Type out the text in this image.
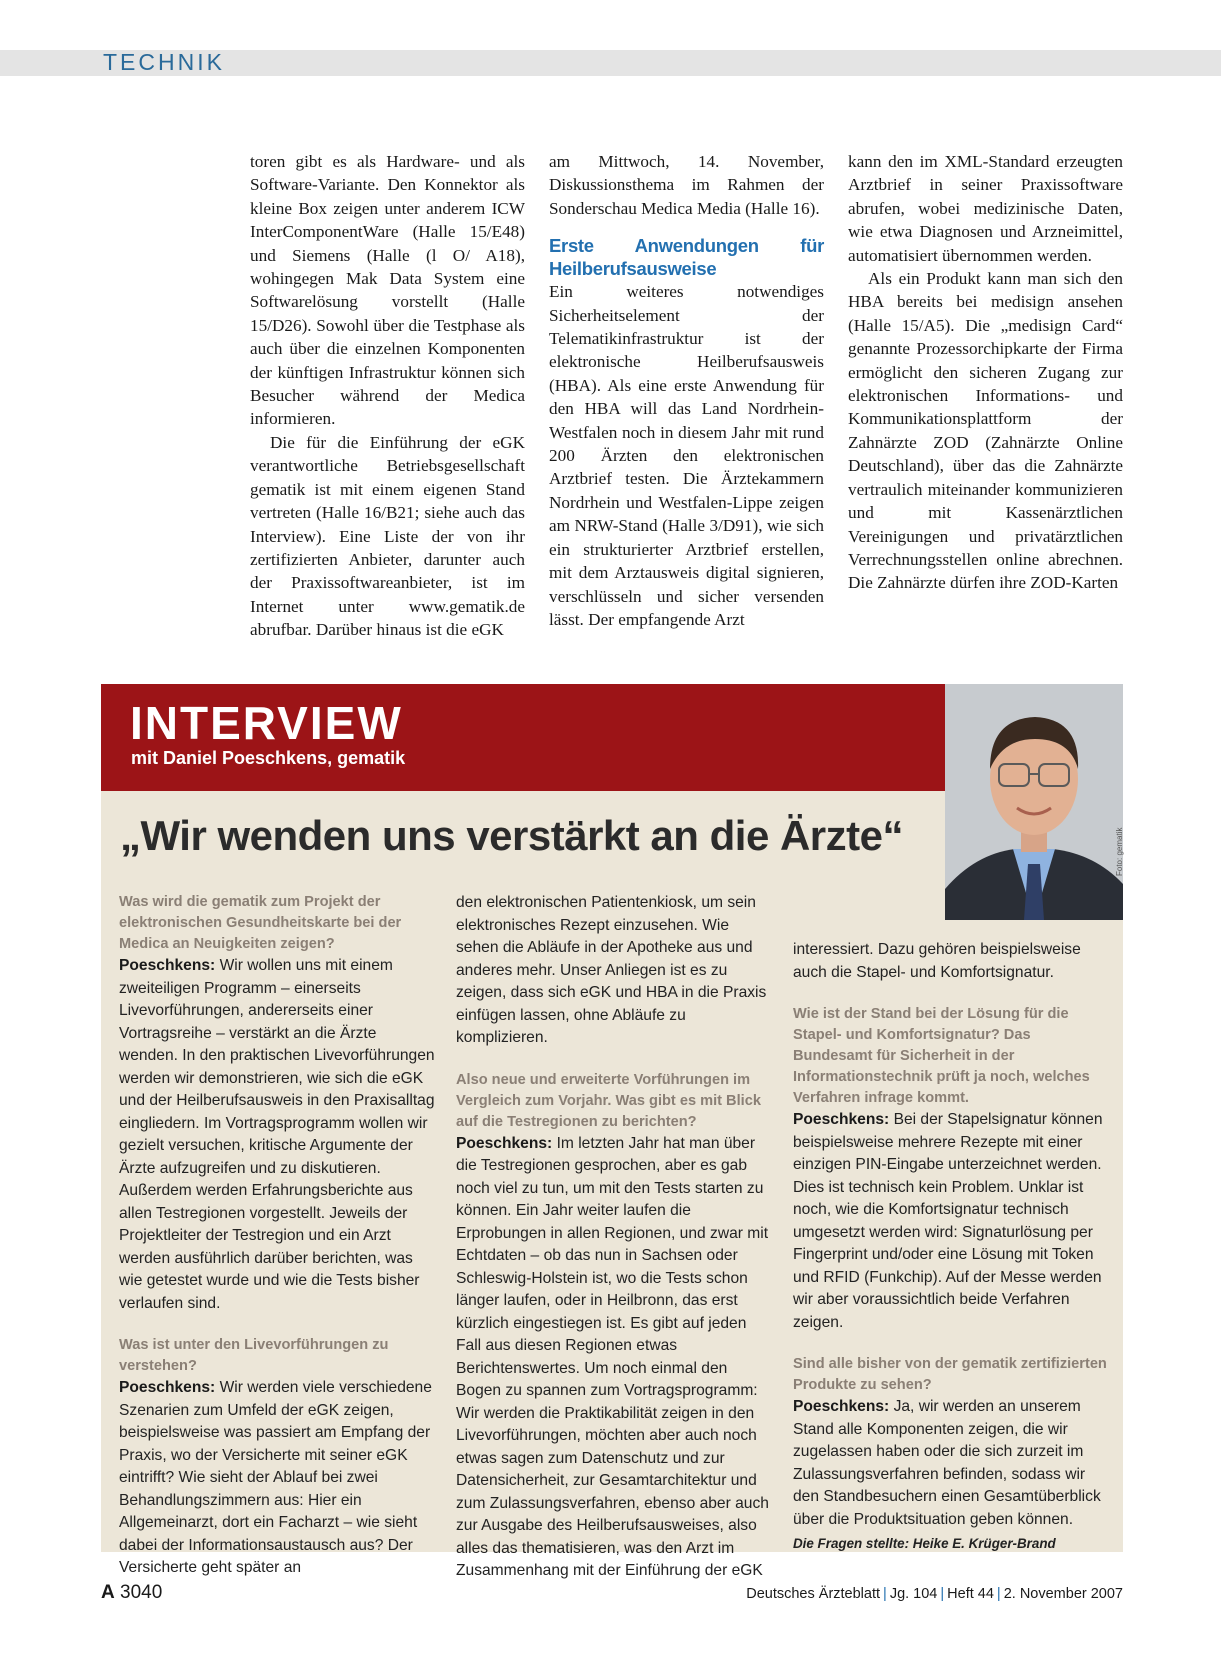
TECHNIK

toren gibt es als Hardware- und als Software-Variante. Den Konnektor als kleine Box zeigen unter anderem ICW InterComponentWare (Halle 15/E48) und Siemens (Halle (l O/ A18), wohingegen Mak Data System eine Softwarelösung vorstellt (Halle 15/D26). Sowohl über die Testphase als auch über die einzelnen Komponenten der künftigen Infrastruktur können sich Besucher während der Medica informieren.

Die für die Einführung der eGK verantwortliche Betriebsgesellschaft gematik ist mit einem eigenen Stand vertreten (Halle 16/B21; siehe auch das Interview). Eine Liste der von ihr zertifizierten Anbieter, darunter auch der Praxissoftwareanbieter, ist im Internet unter www.gematik.de abrufbar. Darüber hinaus ist die eGK

am Mittwoch, 14. November, Diskussionsthema im Rahmen der Sonderschau Medica Media (Halle 16).

Erste Anwendungen für Heilberufsausweise

Ein weiteres notwendiges Sicherheitselement der Telematikinfrastruktur ist der elektronische Heilberufsausweis (HBA). Als eine erste Anwendung für den HBA will das Land Nordrhein-Westfalen noch in diesem Jahr mit rund 200 Ärzten den elektronischen Arztbrief testen. Die Ärztekammern Nordrhein und Westfalen-Lippe zeigen am NRW-Stand (Halle 3/D91), wie sich ein strukturierter Arztbrief erstellen, mit dem Arztausweis digital signieren, verschlüsseln und sicher versenden lässt. Der empfangende Arzt

kann den im XML-Standard erzeugten Arztbrief in seiner Praxissoftware abrufen, wobei medizinische Daten, wie etwa Diagnosen und Arzneimittel, automatisiert übernommen werden.

Als ein Produkt kann man sich den HBA bereits bei medisign ansehen (Halle 15/A5). Die „medisign Card“ genannte Prozessorchipkarte der Firma ermöglicht den sicheren Zugang zur elektronischen Informations- und Kommunikationsplattform der Zahnärzte ZOD (Zahnärzte Online Deutschland), über das die Zahnärzte vertraulich miteinander kommunizieren und mit Kassenärztlichen Vereinigungen und privatärztlichen Verrechnungsstellen online abrechnen. Die Zahnärzte dürfen ihre ZOD-Karten

INTERVIEW
mit Daniel Poeschkens, gematik
Foto: gematik
„Wir wenden uns verstärkt an die Ärzte“

Was wird die gematik zum Projekt der elektronischen Gesundheitskarte bei der Medica an Neuigkeiten zeigen?

Poeschkens: Wir wollen uns mit einem zweiteiligen Programm – einerseits Livevorführungen, andererseits einer Vortragsreihe – verstärkt an die Ärzte wenden. In den praktischen Livevorführungen werden wir demonstrieren, wie sich die eGK und der Heilberufsausweis in den Praxisalltag eingliedern. Im Vortragsprogramm wollen wir gezielt versuchen, kritische Argumente der Ärzte aufzugreifen und zu diskutieren. Außerdem werden Erfahrungsberichte aus allen Testregionen vorgestellt. Jeweils der Projektleiter der Testregion und ein Arzt werden ausführlich darüber berichten, was wie getestet wurde und wie die Tests bisher verlaufen sind.

Was ist unter den Livevorführungen zu verstehen?

Poeschkens: Wir werden viele verschiedene Szenarien zum Umfeld der eGK zeigen, beispielsweise was passiert am Empfang der Praxis, wo der Versicherte mit seiner eGK eintrifft? Wie sieht der Ablauf bei zwei Behandlungszimmern aus: Hier ein Allgemeinarzt, dort ein Facharzt – wie sieht dabei der Informationsaustausch aus? Der Versicherte geht später an

den elektronischen Patientenkiosk, um sein elektronisches Rezept einzusehen. Wie sehen die Abläufe in der Apotheke aus und anderes mehr. Unser Anliegen ist es zu zeigen, dass sich eGK und HBA in die Praxis einfügen lassen, ohne Abläufe zu komplizieren.

Also neue und erweiterte Vorführungen im Vergleich zum Vorjahr. Was gibt es mit Blick auf die Testregionen zu berichten?

Poeschkens: Im letzten Jahr hat man über die Testregionen gesprochen, aber es gab noch viel zu tun, um mit den Tests starten zu können. Ein Jahr weiter laufen die Erprobungen in allen Regionen, und zwar mit Echtdaten – ob das nun in Sachsen oder Schleswig-Holstein ist, wo die Tests schon länger laufen, oder in Heilbronn, das erst kürzlich eingestiegen ist. Es gibt auf jeden Fall aus diesen Regionen etwas Berichtenswertes. Um noch einmal den Bogen zu spannen zum Vortragsprogramm: Wir werden die Praktikabilität zeigen in den Livevorführungen, möchten aber auch noch etwas sagen zum Datenschutz und zur Datensicherheit, zur Gesamtarchitektur und zum Zulassungsverfahren, ebenso aber auch zur Ausgabe des Heilberufsausweises, also alles das thematisieren, was den Arzt im Zusammenhang mit der Einführung der eGK

interessiert. Dazu gehören beispielsweise auch die Stapel- und Komfortsignatur.

Wie ist der Stand bei der Lösung für die Stapel- und Komfortsignatur? Das Bundesamt für Sicherheit in der Informationstechnik prüft ja noch, welches Verfahren infrage kommt.

Poeschkens: Bei der Stapelsignatur können beispielsweise mehrere Rezepte mit einer einzigen PIN-Eingabe unterzeichnet werden. Dies ist technisch kein Problem. Unklar ist noch, wie die Komfortsignatur technisch umgesetzt werden wird: Signaturlösung per Fingerprint und/oder eine Lösung mit Token und RFID (Funkchip). Auf der Messe werden wir aber voraussichtlich beide Verfahren zeigen.

Sind alle bisher von der gematik zertifizierten Produkte zu sehen?

Poeschkens: Ja, wir werden an unserem Stand alle Komponenten zeigen, die wir zugelassen haben oder die sich zurzeit im Zulassungsverfahren befinden, sodass wir den Standbesuchern einen Gesamtüberblick über die Produktsituation geben können.

Die Fragen stellte: Heike E. Krüger-Brand

A 3040	Deutsches Ärzteblatt | Jg. 104 | Heft 44 | 2. November 2007
